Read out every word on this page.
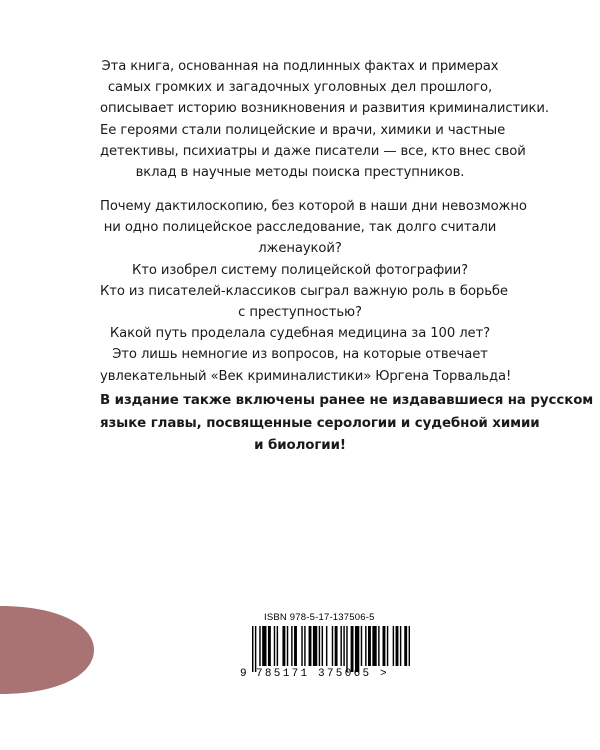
Эта книга, основанная на подлинных фактах и примерах
самых громких и загадочных уголовных дел прошлого,
описывает историю возникновения и развития криминалистики.
Ее героями стали полицейские и врачи, химики и частные
детективы, психиатры и даже писатели — все, кто внес свой
вклад в научные методы поиска преступников.
Почему дактилоскопию, без которой в наши дни невозможно
ни одно полицейское расследование, так долго считали
лженаукой?
Кто изобрел систему полицейской фотографии?
Кто из писателей-классиков сыграл важную роль в борьбе
с преступностью?
Какой путь проделала судебная медицина за 100 лет?
Это лишь немногие из вопросов, на которые отвечает
увлекательный «Век криминалистики» Юргена Торвальда!
В издание также включены ранее не издававшиеся на русском
языке главы, посвященные серологии и судебной химии
и биологии!
ISBN 978-5-17-137506-5
9 785171 375065 >
